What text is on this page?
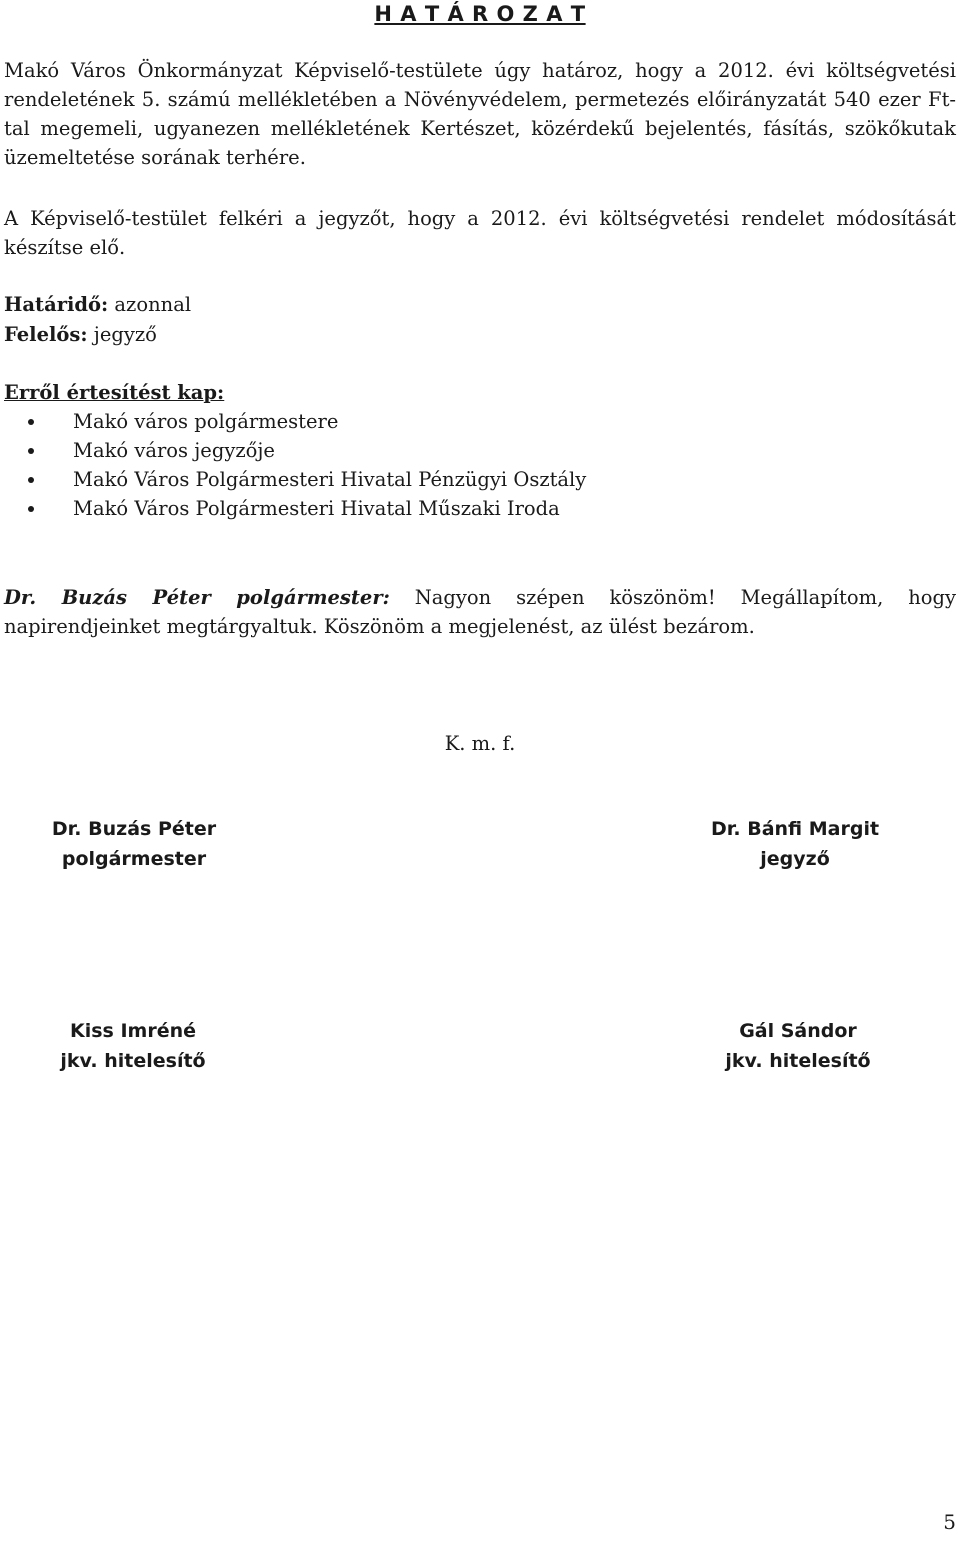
H A T Á R O Z A T
Makó Város Önkormányzat Képviselő-testülete úgy határoz, hogy a 2012. évi költségvetési rendeletének 5. számú mellékletében a Növényvédelem, permetezés előirányzatát 540 ezer Ft-tal megemeli, ugyanezen mellékletének Kertészet, közérdekű bejelentés, fásítás, szökőkutak üzemeltetése sorának terhére.
A Képviselő-testület felkéri a jegyzőt, hogy a 2012. évi költségvetési rendelet módosítását készítse elő.
Határidő: azonnal
Felelős: jegyző
Erről értesítést kap:
Makó város polgármestere
Makó város jegyzője
Makó Város Polgármesteri Hivatal Pénzügyi Osztály
Makó Város Polgármesteri Hivatal Műszaki Iroda
Dr. Buzás Péter polgármester: Nagyon szépen köszönöm! Megállapítom, hogy
napirendjeinket megtárgyaltuk. Köszönöm a megjelenést, az ülést bezárom.
K. m. f.
Dr. Buzás Péter
polgármester
Dr. Bánfi Margit
jegyző
Kiss Imréné
jkv. hitelesítő
Gál Sándor
jkv. hitelesítő
5
